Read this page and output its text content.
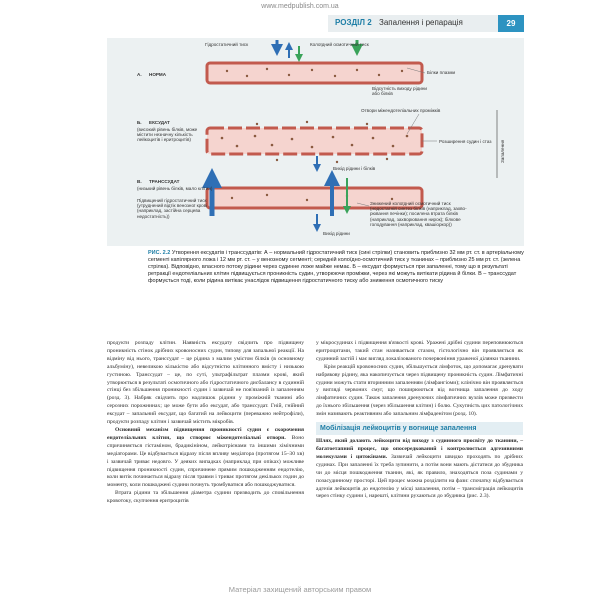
www.medpublish.com.ua
РОЗДІЛ 2 Запалення і репарація	29
Гідростатичний тиск	Колоїдний осмотичний тиск
А. НОРМА	Білки плазми
Відсутність виходу рідини
або білків
Б. ЕКСУДАТ
(високий рівень білків, може
містити незначну кількість
лейкоцитів і еритроцитів)
Отвори міжендотеліальних проміжків
Розширення судин і стаз Запалення
Вихід рідини і білків
В. ТРАНССУДАТ
(низький рівень білків, мало клітин)
Підвищений гідростатичний тиск
(утруднений відтік венозної крові
(наприклад, застійна серцева
недостатність))
Знижений колоїдний осмотичний тиск
(недостатній синтез білків (наприклад, захво-
рювання печінки); посилена втрата білків
(наприклад, захворювання нирок); білкове
голодування (наприклад, квашіоркор))
Вихід рідини
РИС. 2.2 Утворення ексудатів і транссудатів: А – нормальний гідростатичний тиск (сині стрілки) становить приблизно 32 мм рт. ст. в артеріальному сегменті капілярного ложа і 12 мм рт. ст. – у венозному сегменті; середній колоїдно-осмотичний тиск у тканинах – приблизно 25 мм рт. ст. (зелена стрілка). Відповідно, власного потоку рідини через судинне ложе майже немає. Б – ексудат формується при запаленні, тому що в результаті ретракції ендотеліальних клітин підвищується проникність судин, утворюючи проміжки, через які можуть витікати рідина й білки. В – транссудат формується тоді, коли рідина витікає унаслідок підвищення гідростатичного тиску або зниження осмотичного тиску

продукти розпаду клітин. Наявність ексудату свідчить про підвищену проникність стінок дрібних кровоносних судин, типову для запальної реакції. На відміну від нього, транссудат – це рідина з малим умістом білків (в основному альбуміну), невеликою кількістю або відсутністю клітинного вмісту і низькою густиною. Транссудат – це, по суті, ультрафільтрат плазми крові, який утворюється в результаті осмотичного або гідростатичного дисбалансу в судинній стінці без збільшення проникності судин і зазвичай не пов'язаний із запаленням (розд. 3). Набряк свідчить про надлишок рідини у проміжній тканині або серозних порожнинах; це може бути або ексудат, або транссудат. Гній, гнійний ексудат – запальний ексудат, що багатий на лейкоцити (переважно нейтрофіли), продукти розпаду клітин і зазвичай містить мікробів.

Основний механізм підвищення проникності судин є скорочення ендотеліальних клітин, що створює міжендотеліальні отвори. Воно спричиняється гістаміном, брадикініном, лейкотрієнами та іншими хімічними медіаторами. Це відбувається відразу після впливу медіатора (протягом 15–30 хв) і зазвичай триває недовго. У деяких випадках (наприклад при опіках) можливе підвищення проникності судин, спричинене прямим пошкодженням ендотелію, коли витік починається відразу після травми і триває протягом декількох годин до моменту, коли пошкоджені судини почнуть тромбуватися або пошкоджуватися.

Втрата рідини та збільшення діаметра судини призводить до сповільнення кровотоку, скупчення еритроцитів

у мікросудинах і підвищення в'язкості крові. Уражені дрібні судини переповнюються еритроцитами, такий стан називається стазом, гістологічно він проявляється як судинний застій і має вигляд локалізованого почервоніння ураженої ділянки тканини.

Крім реакцій кровоносних судин, збільшується лімфоток, що допомагає дренувати набрякову рідину, яка накопичується через підвищену проникність судин. Лімфатичні судини можуть стати вторинним запаленням (лімфангіоми); клінічно він проявляється у вигляді червоних смуг, що поширюються від вогнища запалення до ходу лімфатичних судин. Також запалення дренуючих лімфатичних вузлів може призвести до їхнього збільшення (через збільшення клітин) і болю. Сукупність цих патологічних змін називають реактивним або запальним лімфаденітом (розд. 10).

Мобілізація лейкоцитів у вогнище запалення

Шлях, який долають лейкоцити від виходу з судинного просвіту до тканини, – багатоетапний процес, що опосередкований і контролюється адгезивними молекулами і цитокінами. Зазвичай лейкоцити швидко проходять по дрібних судинах. При запаленні їх треба зупинити, а потім вони мають дістатися до збудника чи до місця пошкодження тканин, які, як правило, знаходяться поза судинами у позасудинному просторі. Цей процес можна розділити на фази: спочатку відбувається адгезія лейкоцитів до ендотелію у місці запалення, потім – трансміграція лейкоцитів через стінку судини і, нарешті, клітини рухаються до збудника (рис. 2.3).

Матеріал захищений авторським правом
